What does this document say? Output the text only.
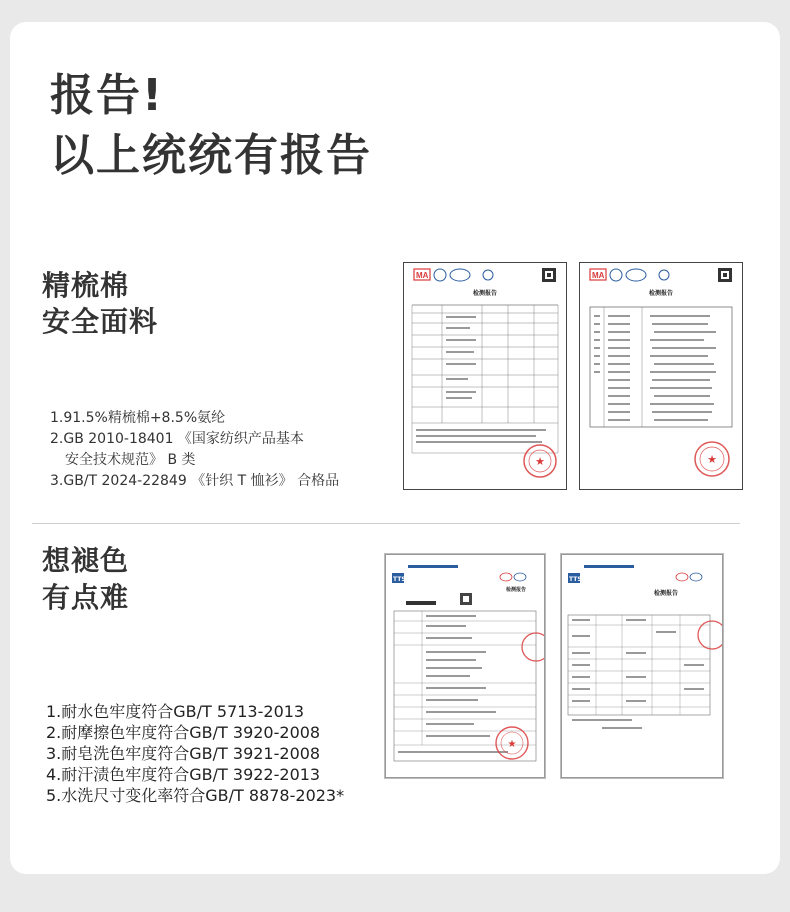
报告!
以上统统有报告
精梳棉
安全面料
1.91.5%精梳棉+8.5%氨纶
2.GB 2010-18401 《国家纺织产品基本
安全技术规范》 B 类
3.GB/T 2024-22849 《针织 T 恤衫》 合格品
MA
检测报告
★
MA
检测报告
★
想褪色
有点难
1.耐水色牢度符合GB/T 5713-2013
2.耐摩擦色牢度符合GB/T 3920-2008
3.耐皂洗色牢度符合GB/T 3921-2008
4.耐汗渍色牢度符合GB/T 3922-2013
5.水洗尺寸变化率符合GB/T 8878-2023*
TTS
检测报告
★
TTS
检测报告
